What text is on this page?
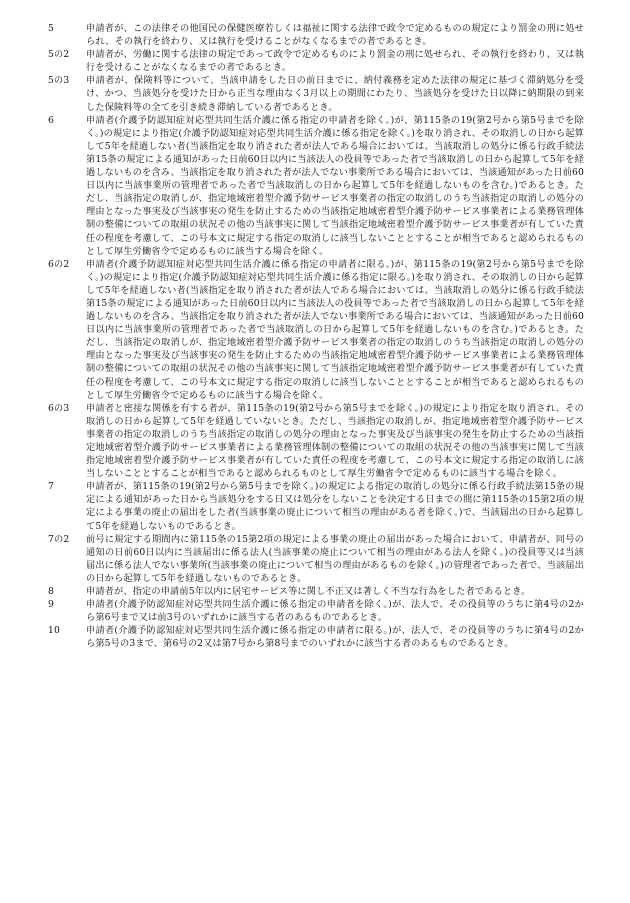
5	申請者が、この法律その他国民の保健医療若しくは福祉に関する法律で政令で定めるものの規定により罰金の刑に処せられ、その執行を終わり、又は執行を受けることがなくなるまでの者であるとき。
5の2 申請者が、労働に関する法律の規定であって政令で定めるものにより罰金の刑に処せられ、その執行を終わり、又は執行を受けることがなくなるまでの者であるとき。
5の3 申請者が、保険料等について、当該申請をした日の前日までに、納付義務を定めた法律の規定に基づく滞納処分を受け、かつ、当該処分を受けた日から正当な理由なく3月以上の期間にわたり、当該処分を受けた日以降に納期限の到来した保険料等の全てを引き続き滞納している者であるとき。
6	申請者(介護予防認知症対応型共同生活介護に係る指定の申請者を除く。)が、第115条の19(第2号から第5号までを除く。)の規定により指定(介護予防認知症対応型共同生活介護に係る指定を除く。)を取り消され、その取消しの日から起算して5年を経過しない者(当該指定を取り消された者が法人である場合においては、当該取消しの処分に係る行政手続法第15条の規定による通知があった日前60日以内に当該法人の役員等であった者で当該取消しの日から起算して5年を経過しないものを含み、当該指定を取り消された者が法人でない事業所である場合においては、当該通知があった日前60日以内に当該事業所の管理者であった者で当該取消しの日から起算して5年を経過しないものを含む。)であるとき。ただし、当該指定の取消しが、指定地域密着型介護予防サービス事業者の指定の取消しのうち当該指定の取消しの処分の理由となった事実及び当該事実の発生を防止するための当該指定地域密着型介護予防サービス事業者による業務管理体制の整備についての取組の状況その他の当該事実に関して当該指定地域密着型介護予防サービス事業者が有していた責任の程度を考慮して、この号本文に規定する指定の取消しに該当しないこととすることが相当であると認められるものとして厚生労働省令で定めるものに該当する場合を除く。
6の2 申請者(介護予防認知症対応型共同生活介護に係る指定の申請者に限る。)が、第115条の19(第2号から第5号までを除く。)の規定により指定(介護予防認知症対応型共同生活介護に係る指定に限る。)を取り消され、その取消しの日から起算して5年を経過しない者(当該指定を取り消された者が法人である場合においては、当該取消しの処分に係る行政手続法第15条の規定による通知があった日前60日以内に当該法人の役員等であった者で当該取消しの日から起算して5年を経過しないものを含み、当該指定を取り消された者が法人でない事業所である場合においては、当該通知があった日前60日以内に当該事業所の管理者であった者で当該取消しの日から起算して5年を経過しないものを含む。)であるとき。ただし、当該指定の取消しが、指定地域密着型介護予防サービス事業者の指定の取消しのうち当該指定の取消しの処分の理由となった事実及び当該事実の発生を防止するための当該指定地域密着型介護予防サービス事業者による業務管理体制の整備についての取組の状況その他の当該事実に関して当該指定地域密着型介護予防サービス事業者が有していた責任の程度を考慮して、この号本文に規定する指定の取消しに該当しないこととすることが相当であると認められるものとして厚生労働省令で定めるものに該当する場合を除く。
6の3 申請者と密接な関係を有する者が、第115条の19(第2号から第5号までを除く。)の規定により指定を取り消され、その取消しの日から起算して5年を経過していないとき。ただし、当該指定の取消しが、指定地域密着型介護予防サービス事業者の指定の取消しのうち当該指定の取消しの処分の理由となった事実及び当該事実の発生を防止するための当該指定地域密着型介護予防サービス事業者による業務管理体制の整備についての取組の状況その他の当該事実に関して当該指定地域密着型介護予防サービス事業者が有していた責任の程度を考慮して、この号本文に規定する指定の取消しに該当しないこととすることが相当であると認められるものとして厚生労働省令で定めるものに該当する場合を除く。
7	申請者が、第115条の19(第2号から第5号までを除く。)の規定による指定の取消しの処分に係る行政手続法第15条の規定による通知があった日から当該処分をする日又は処分をしないことを決定する日までの間に第115条の15第2項の規定による事業の廃止の届出をした者(当該事業の廃止について相当の理由がある者を除く。)で、当該届出の日から起算して5年を経過しないものであるとき。
7の2 前号に規定する期間内に第115条の15第2項の規定による事業の廃止の届出があった場合において、申請者が、同号の通知の日前60日以内に当該届出に係る法人(当該事業の廃止について相当の理由がある法人を除く。)の役員等又は当該届出に係る法人でない事業所(当該事業の廃止について相当の理由があるものを除く。)の管理者であった者で、当該届出の日から起算して5年を経過しないものであるとき。
8	申請者が、指定の申請前5年以内に居宅サービス等に関し不正又は著しく不当な行為をした者であるとき。
9	申請者(介護予防認知症対応型共同生活介護に係る指定の申請者を除く。)が、法人で、その役員等のうちに第4号の2から第6号まで又は前3号のいずれかに該当する者のあるものであるとき。
10	申請者(介護予防認知症対応型共同生活介護に係る指定の申請者に限る。)が、法人で、その役員等のうちに第4号の2から第5号の3まで、第6号の2又は第7号から第8号までのいずれかに該当する者のあるものであるとき。
